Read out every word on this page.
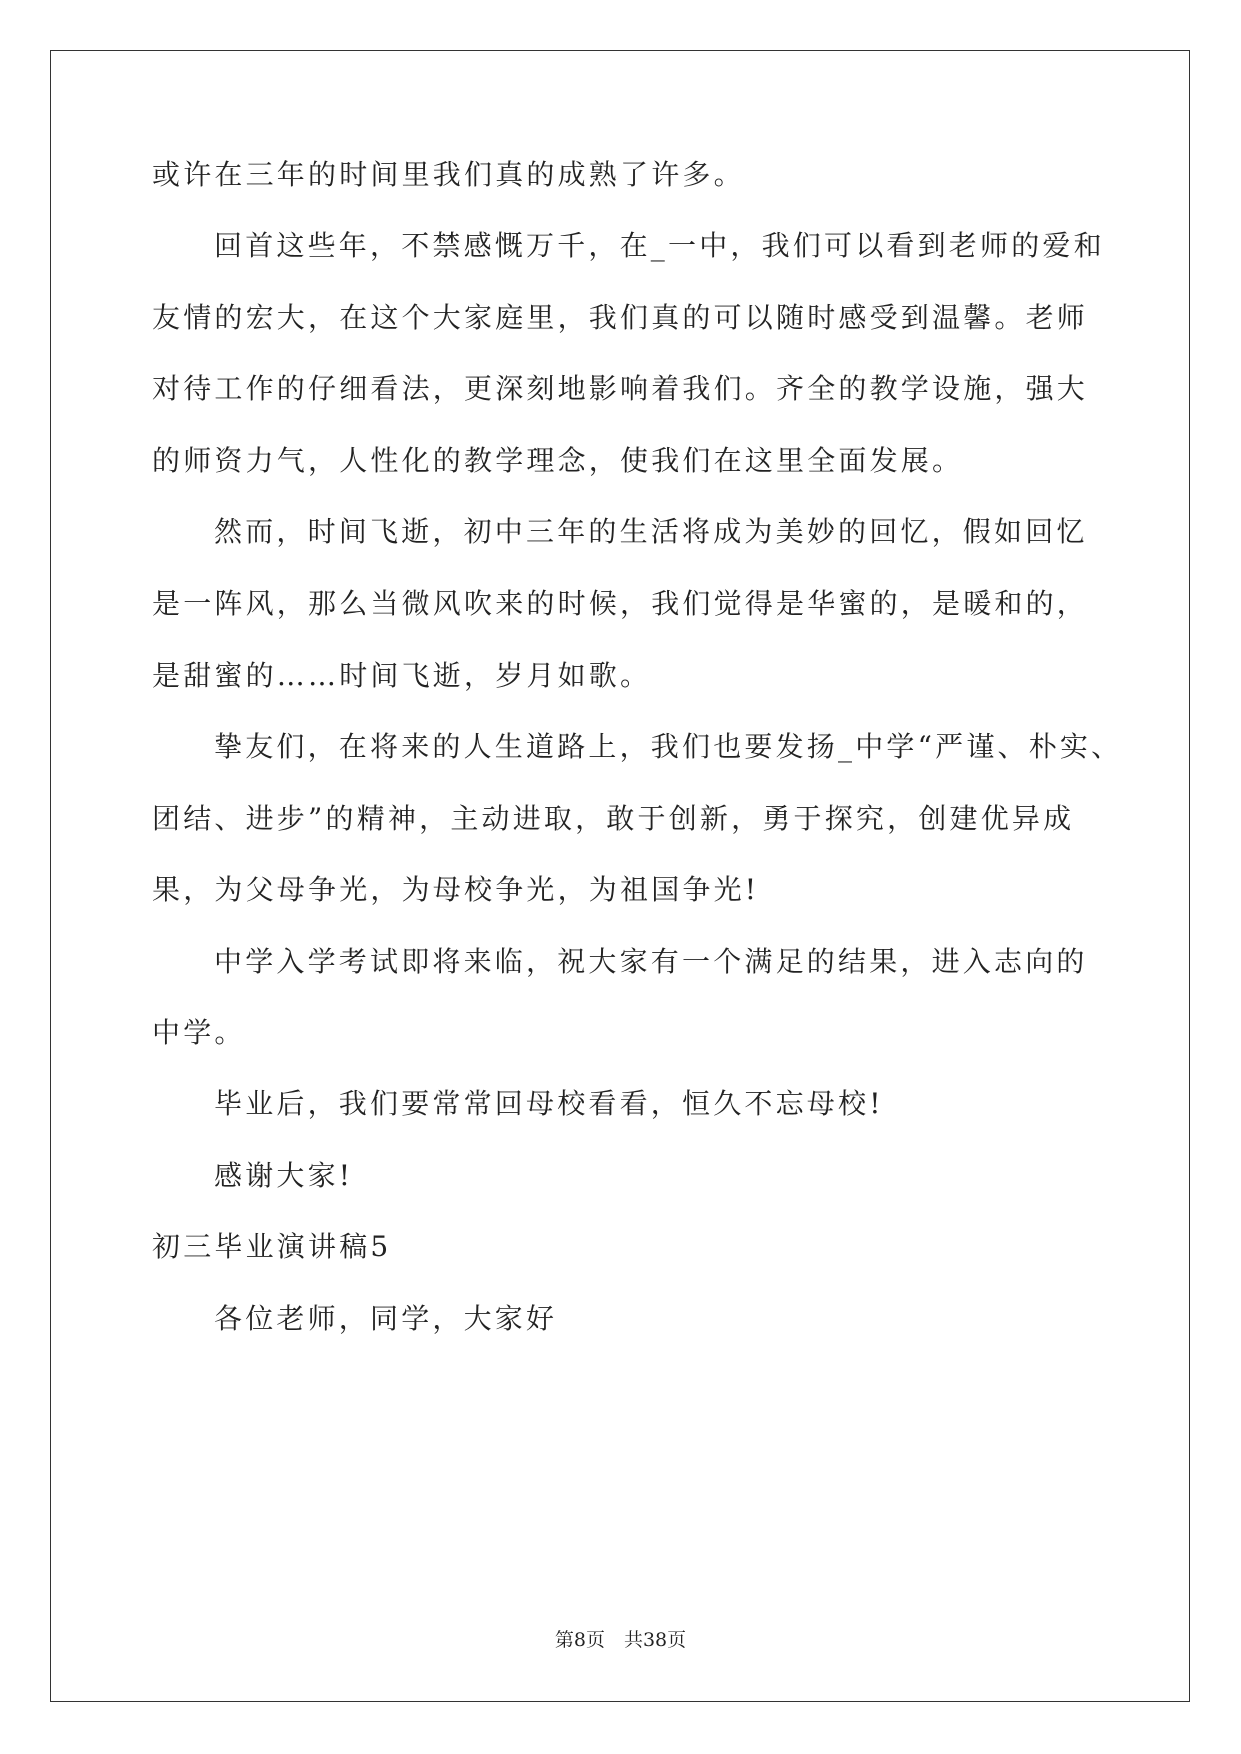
或许在三年的时间里我们真的成熟了许多。
回首这些年，不禁感慨万千，在_一中，我们可以看到老师的爱和
友情的宏大，在这个大家庭里，我们真的可以随时感受到温馨。老师
对待工作的仔细看法，更深刻地影响着我们。齐全的教学设施，强大
的师资力气，人性化的教学理念，使我们在这里全面发展。
然而，时间飞逝，初中三年的生活将成为美妙的回忆，假如回忆
是一阵风，那么当微风吹来的时候，我们觉得是华蜜的，是暖和的，
是甜蜜的……时间飞逝，岁月如歌。
挚友们，在将来的人生道路上，我们也要发扬_中学“严谨、朴实、
团结、进步”的精神，主动进取，敢于创新，勇于探究，创建优异成
果，为父母争光，为母校争光，为祖国争光!
中学入学考试即将来临，祝大家有一个满足的结果，进入志向的
中学。
毕业后，我们要常常回母校看看，恒久不忘母校!
感谢大家!
初三毕业演讲稿5
各位老师，同学，大家好
第8页　共38页
